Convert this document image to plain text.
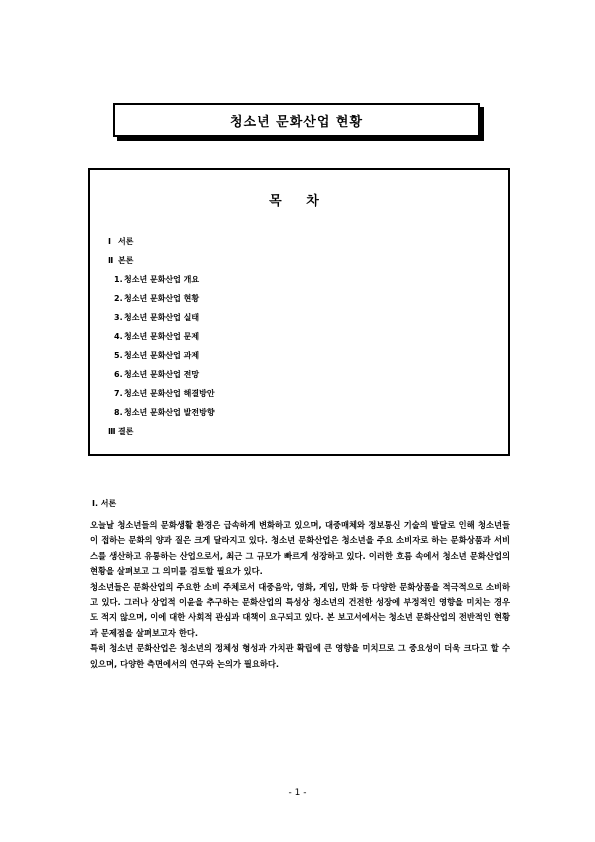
청소년 문화산업 현황
목 차
Ⅰ 서론
Ⅱ 본론
1.청소년 문화산업 개요
2.청소년 문화산업 현황
3.청소년 문화산업 실태
4.청소년 문화산업 문제
5.청소년 문화산업 과제
6.청소년 문화산업 전망
7.청소년 문화산업 해결방안
8.청소년 문화산업 발전방향
Ⅲ 결론
Ⅰ. 서론

오늘날 청소년들의 문화생활 환경은 급속하게 변화하고 있으며, 대중매체와 정보통신 기술의 발달로 인해 청소년들이 접하는 문화의 양과 질은 크게 달라지고 있다. 청소년 문화산업은 청소년을 주요 소비자로 하는 문화상품과 서비스를 생산하고 유통하는 산업으로서, 최근 그 규모가 빠르게 성장하고 있다. 이러한 흐름 속에서 청소년 문화산업의 현황을 살펴보고 그 의미를 검토할 필요가 있다.

청소년들은 문화산업의 주요한 소비 주체로서 대중음악, 영화, 게임, 만화 등 다양한 문화상품을 적극적으로 소비하고 있다. 그러나 상업적 이윤을 추구하는 문화산업의 특성상 청소년의 건전한 성장에 부정적인 영향을 미치는 경우도 적지 않으며, 이에 대한 사회적 관심과 대책이 요구되고 있다. 본 보고서에서는 청소년 문화산업의 전반적인 현황과 문제점을 살펴보고자 한다.

특히 청소년 문화산업은 청소년의 정체성 형성과 가치관 확립에 큰 영향을 미치므로 그 중요성이 더욱 크다고 할 수 있으며, 다양한 측면에서의 연구와 논의가 필요하다.

- 1 -
